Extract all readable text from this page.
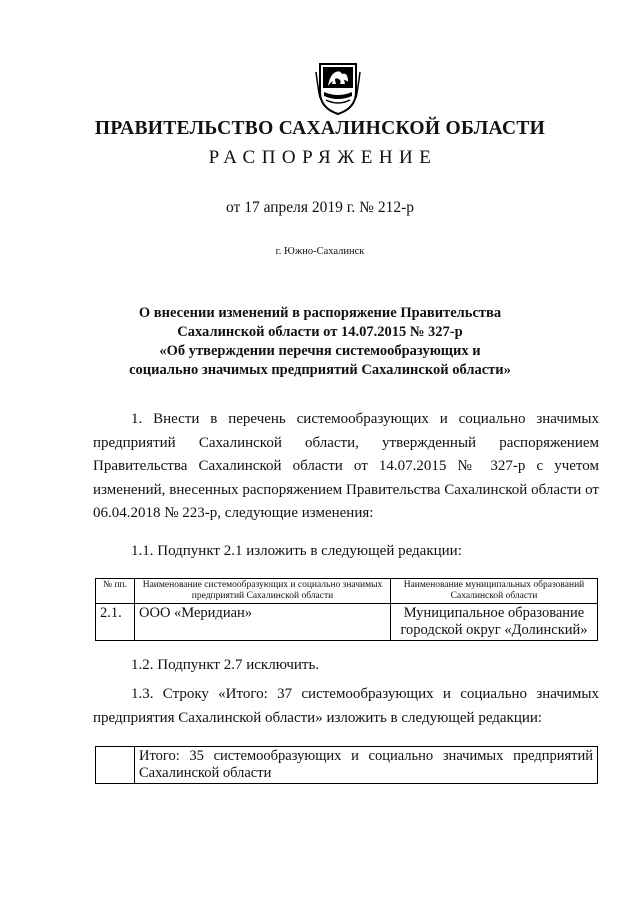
ПРАВИТЕЛЬСТВО САХАЛИНСКОЙ ОБЛАСТИ
РАСПОРЯЖЕНИЕ
от 17 апреля 2019 г. № 212-р
г. Южно-Сахалинск
О внесении изменений в распоряжение Правительства
Сахалинской области от 14.07.2015 № 327-р
«Об утверждении перечня системообразующих и
социально значимых предприятий Сахалинской области»
1. Внести в перечень системообразующих и социально значимых предприятий Сахалинской области, утвержденный распоряжением Правительства Сахалинской области от 14.07.2015 № 327-р с учетом изменений, внесенных распоряжением Правительства Сахалинской области от 06.04.2018 № 223-р, следующие изменения:
1.1. Подпункт 2.1 изложить в следующей редакции:
№ пп.	Наименование системообразующих и социально значимых предприятий Сахалинской области	Наименование муниципальных образований Сахалинской области
2.1.	ООО «Меридиан»	Муниципальное образование городской округ «Долинский»
1.2. Подпункт 2.7 исключить.
1.3. Строку «Итого: 37 системообразующих и социально значимых предприятия Сахалинской области» изложить в следующей редакции:
	Итого: 35 системообразующих и социально значимых предприятий Сахалинской области
